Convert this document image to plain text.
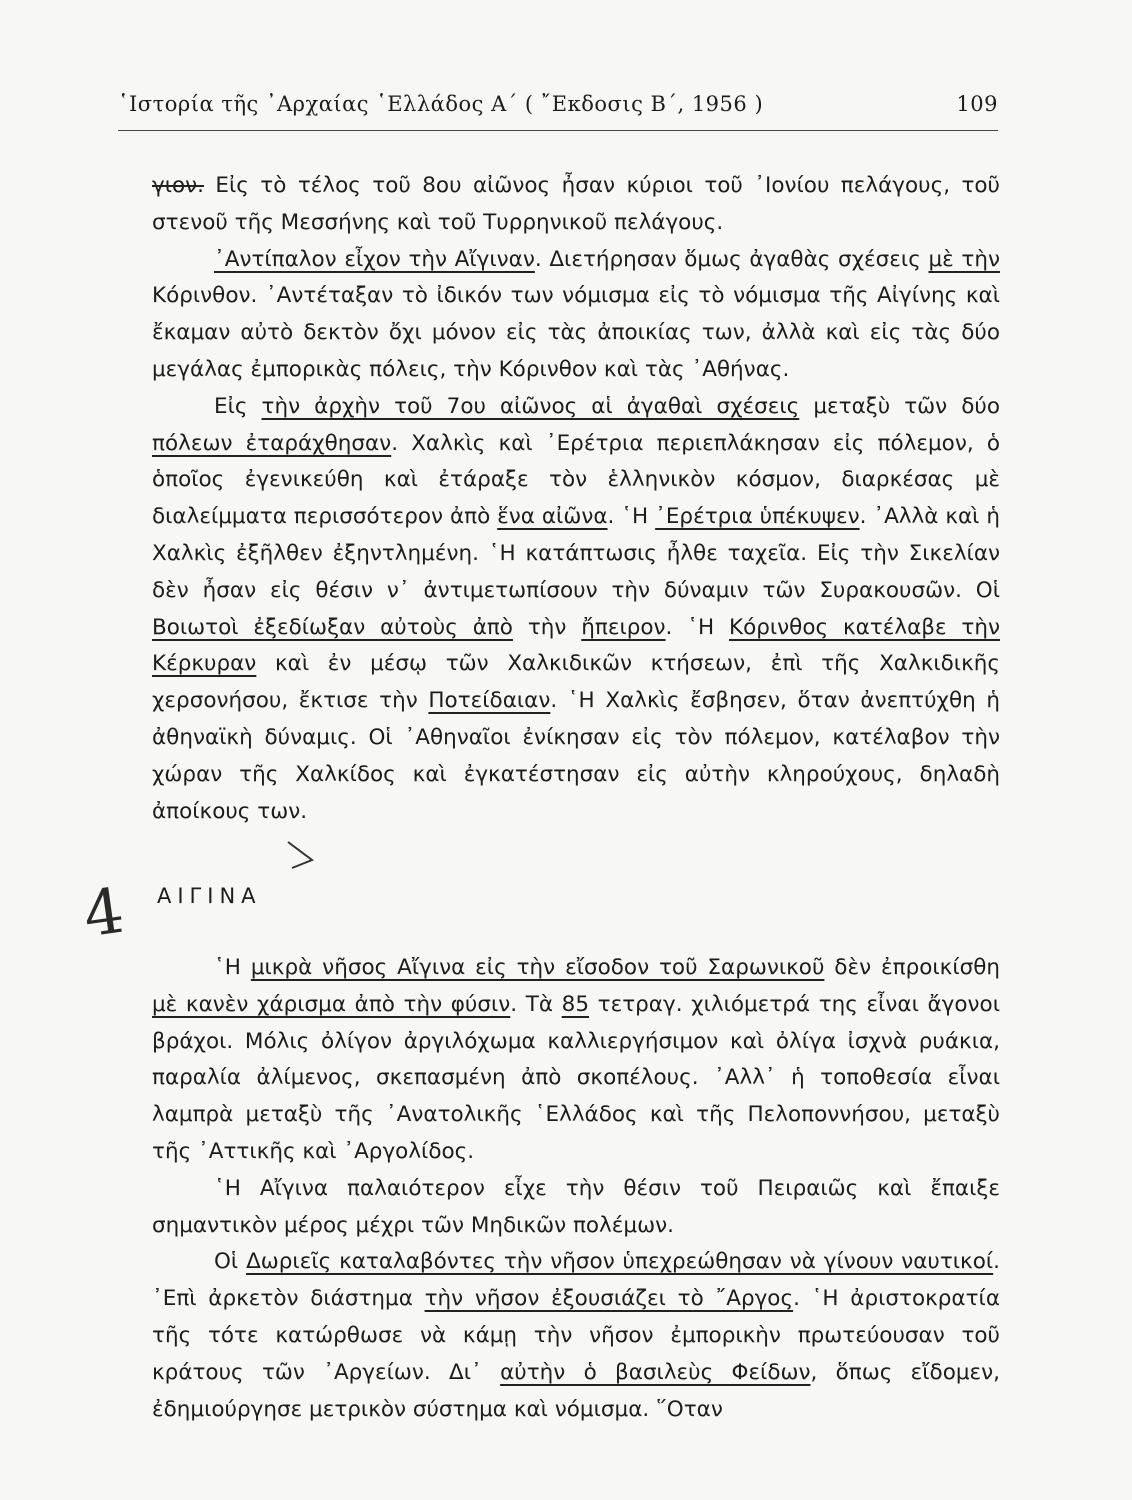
῾Ιστορία τῆς ᾿Αρχαίας ῾Ελλάδος Α΄ ( ῎Εκδοσις Β΄, 1956 )	109

γιον. Εἰς τὸ τέλος τοῦ 8ου αἰῶνος ἦσαν κύριοι τοῦ ᾿Ιονίου πελάγους, τοῦ στενοῦ τῆς Μεσσήνης καὶ τοῦ Τυρρηνικοῦ πελάγους.

᾿Αντίπαλον εἶχον τὴν Αἴγιναν. Διετήρησαν ὅμως ἀγαθὰς σχέσεις μὲ τὴν Κόρινθον. ᾿Αντέταξαν τὸ ἰδικόν των νόμισμα εἰς τὸ νόμισμα τῆς Αἰγίνης καὶ ἔκαμαν αὐτὸ δεκτὸν ὄχι μόνον εἰς τὰς ἀποικίας των, ἀλλὰ καὶ εἰς τὰς δύο μεγάλας ἐμπορικὰς πόλεις, τὴν Κόρινθον καὶ τὰς ᾿Αθήνας.

Εἰς τὴν ἀρχὴν τοῦ 7ου αἰῶνος αἱ ἀγαθαὶ σχέσεις μεταξὺ τῶν δύο πόλεων ἐταράχθησαν. Χαλκὶς καὶ ᾿Ερέτρια περιεπλάκησαν εἰς πόλεμον, ὁ ὁποῖος ἐγενικεύθη καὶ ἐτάραξε τὸν ἑλληνικὸν κόσμον, διαρκέσας μὲ διαλείμματα περισσότερον ἀπὸ ἕνα αἰῶνα. ῾Η ᾿Ερέτρια ὑπέκυψεν. ᾿Αλλὰ καὶ ἡ Χαλκὶς ἐξῆλθεν ἐξηντλημένη. ῾Η κατάπτωσις ἦλθε ταχεῖα. Εἰς τὴν Σικελίαν δὲν ἦσαν εἰς θέσιν ν᾿ ἀντιμετωπίσουν τὴν δύναμιν τῶν Συρακουσῶν. Οἱ Βοιωτοὶ ἐξεδίωξαν αὐτοὺς ἀπὸ τὴν ἤπειρον. ῾Η Κόρινθος κατέλαβε τὴν Κέρκυραν καὶ ἐν μέσῳ τῶν Χαλκιδικῶν κτήσεων, ἐπὶ τῆς Χαλκιδικῆς χερσονήσου, ἔκτισε τὴν Ποτείδαιαν. ῾Η Χαλκὶς ἔσβησεν, ὅταν ἀνεπτύχθη ἡ ἀθηναϊκὴ δύναμις. Οἱ ᾿Αθηναῖοι ἐνίκησαν εἰς τὸν πόλεμον, κατέλαβον τὴν χώραν τῆς Χαλκίδος καὶ ἐγκατέστησαν εἰς αὐτὴν κληρούχους, δηλαδὴ ἀποίκους των.

4 ΑΙΓΙΝΑ

῾Η μικρὰ νῆσος Αἴγινα εἰς τὴν εἴσοδον τοῦ Σαρωνικοῦ δὲν ἐπροικίσθη μὲ κανὲν χάρισμα ἀπὸ τὴν φύσιν. Τὰ 85 τετραγ. χιλιόμετρά της εἶναι ἄγονοι βράχοι. Μόλις ὀλίγον ἀργιλόχωμα καλλιεργήσιμον καὶ ὀλίγα ἰσχνὰ ρυάκια, παραλία ἀλίμενος, σκεπασμένη ἀπὸ σκοπέλους. ᾿Αλλ᾿ ἡ τοποθεσία εἶναι λαμπρὰ μεταξὺ τῆς ᾿Ανατολικῆς ῾Ελλάδος καὶ τῆς Πελοποννήσου, μεταξὺ τῆς ᾿Αττικῆς καὶ ᾿Αργολίδος.

῾Η Αἴγινα παλαιότερον εἶχε τὴν θέσιν τοῦ Πειραιῶς καὶ ἔπαιξε σημαντικὸν μέρος μέχρι τῶν Μηδικῶν πολέμων.

Οἱ Δωριεῖς καταλαβόντες τὴν νῆσον ὑπεχρεώθησαν νὰ γίνουν ναυτικοί. ᾿Επὶ ἀρκετὸν διάστημα τὴν νῆσον ἐξουσιάζει τὸ ῎Αργος. ῾Η ἀριστοκρατία τῆς τότε κατώρθωσε νὰ κάμῃ τὴν νῆσον ἐμπορικὴν πρωτεύουσαν τοῦ κράτους τῶν ᾿Αργείων. Δι᾿ αὐτὴν ὁ βασιλεὺς Φείδων, ὅπως εἴδομεν, ἐδημιούργησε μετρικὸν σύστημα καὶ νόμισμα. ῞Οταν
